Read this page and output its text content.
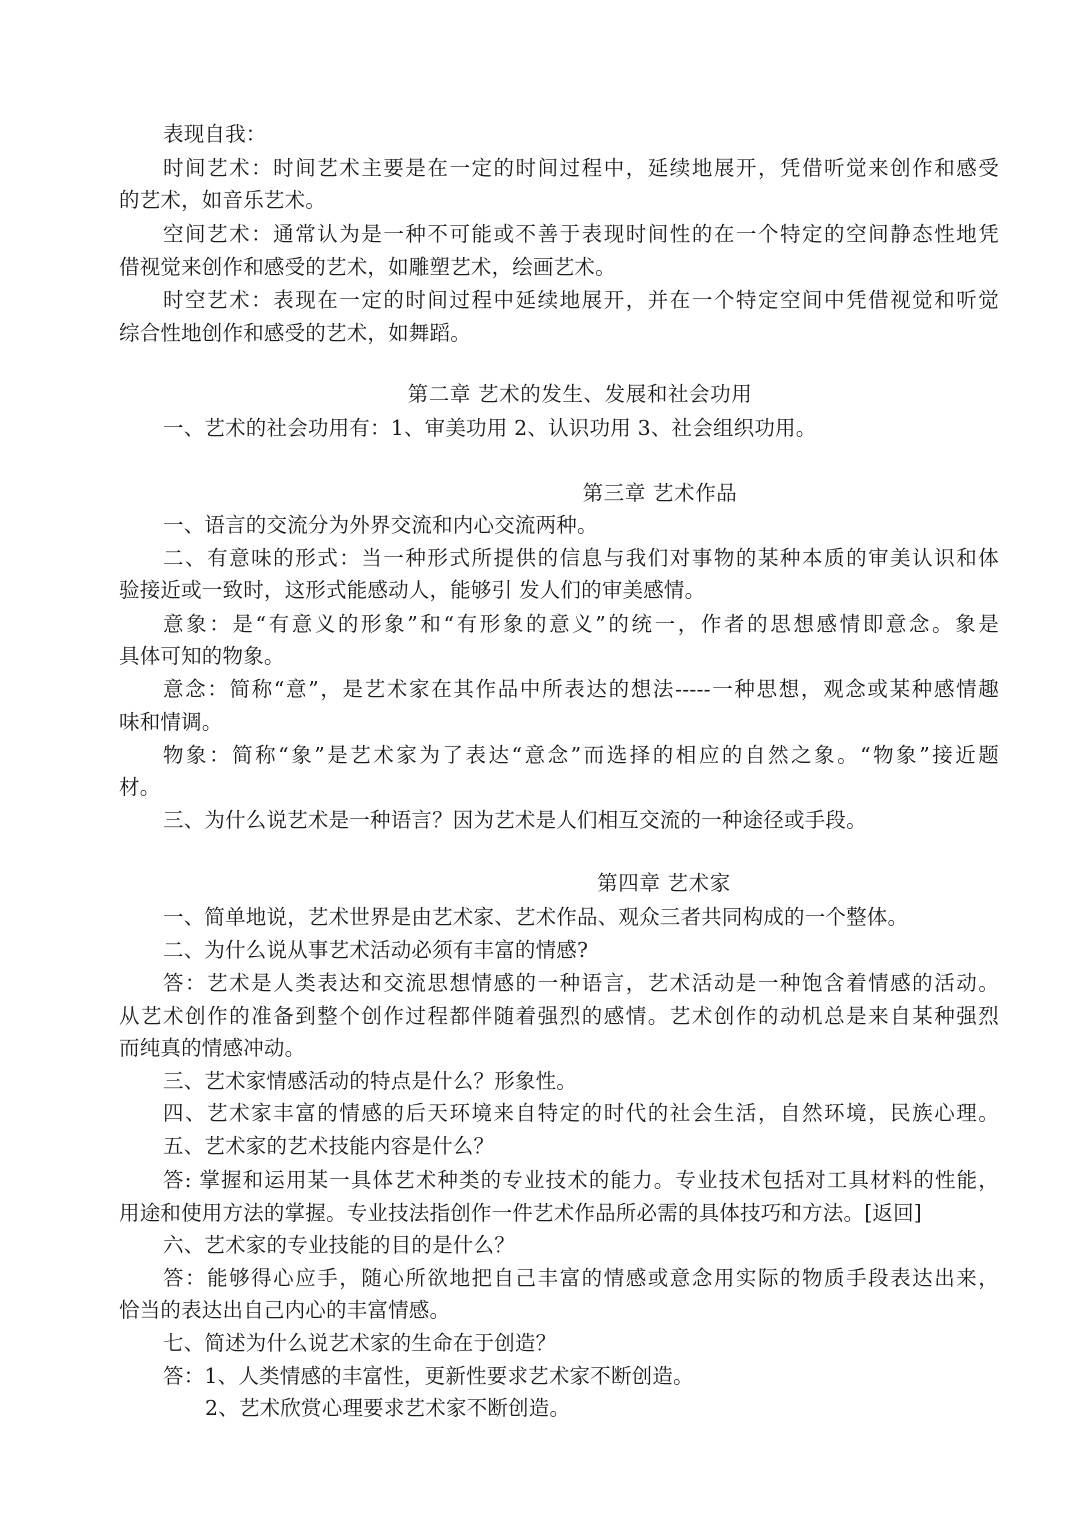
表现自我：
时间艺术：时间艺术主要是在一定的时间过程中，延续地展开，凭借听觉来创作和感受
的艺术，如音乐艺术。
空间艺术：通常认为是一种不可能或不善于表现时间性的在一个特定的空间静态性地凭
借视觉来创作和感受的艺术，如雕塑艺术，绘画艺术。
时空艺术：表现在一定的时间过程中延续地展开，并在一个特定空间中凭借视觉和听觉
综合性地创作和感受的艺术，如舞蹈。
第二章 艺术的发生、发展和社会功用
一、艺术的社会功用有：1、审美功用 2、认识功用 3、社会组织功用。
第三章 艺术作品
一、语言的交流分为外界交流和内心交流两种。
二、有意味的形式：当一种形式所提供的信息与我们对事物的某种本质的审美认识和体
验接近或一致时，这形式能感动人，能够引 发人们的审美感情。
意象：是“有意义的形象”和“有形象的意义”的统一，作者的思想感情即意念。象是
具体可知的物象。
意念：简称“意”，是艺术家在其作品中所表达的想法-----一种思想，观念或某种感情趣
味和情调。
物象：简称“象”是艺术家为了表达“意念”而选择的相应的自然之象。“物象”接近题
材。
三、为什么说艺术是一种语言？因为艺术是人们相互交流的一种途径或手段。
第四章 艺术家
一、简单地说，艺术世界是由艺术家、艺术作品、观众三者共同构成的一个整体。
二、为什么说从事艺术活动必须有丰富的情感?
答：艺术是人类表达和交流思想情感的一种语言，艺术活动是一种饱含着情感的活动。
从艺术创作的准备到整个创作过程都伴随着强烈的感情。艺术创作的动机总是来自某种强烈
而纯真的情感冲动。
三、艺术家情感活动的特点是什么？形象性。
四、艺术家丰富的情感的后天环境来自特定的时代的社会生活，自然环境，民族心理。
五、艺术家的艺术技能内容是什么？
答: 掌握和运用某一具体艺术种类的专业技术的能力。专业技术包括对工具材料的性能，
用途和使用方法的掌握。专业技法指创作一件艺术作品所必需的具体技巧和方法。[返回]
六、艺术家的专业技能的目的是什么？
答：能够得心应手，随心所欲地把自己丰富的情感或意念用实际的物质手段表达出来，
恰当的表达出自己内心的丰富情感。
七、简述为什么说艺术家的生命在于创造？
答：1、人类情感的丰富性，更新性要求艺术家不断创造。
2、艺术欣赏心理要求艺术家不断创造。
